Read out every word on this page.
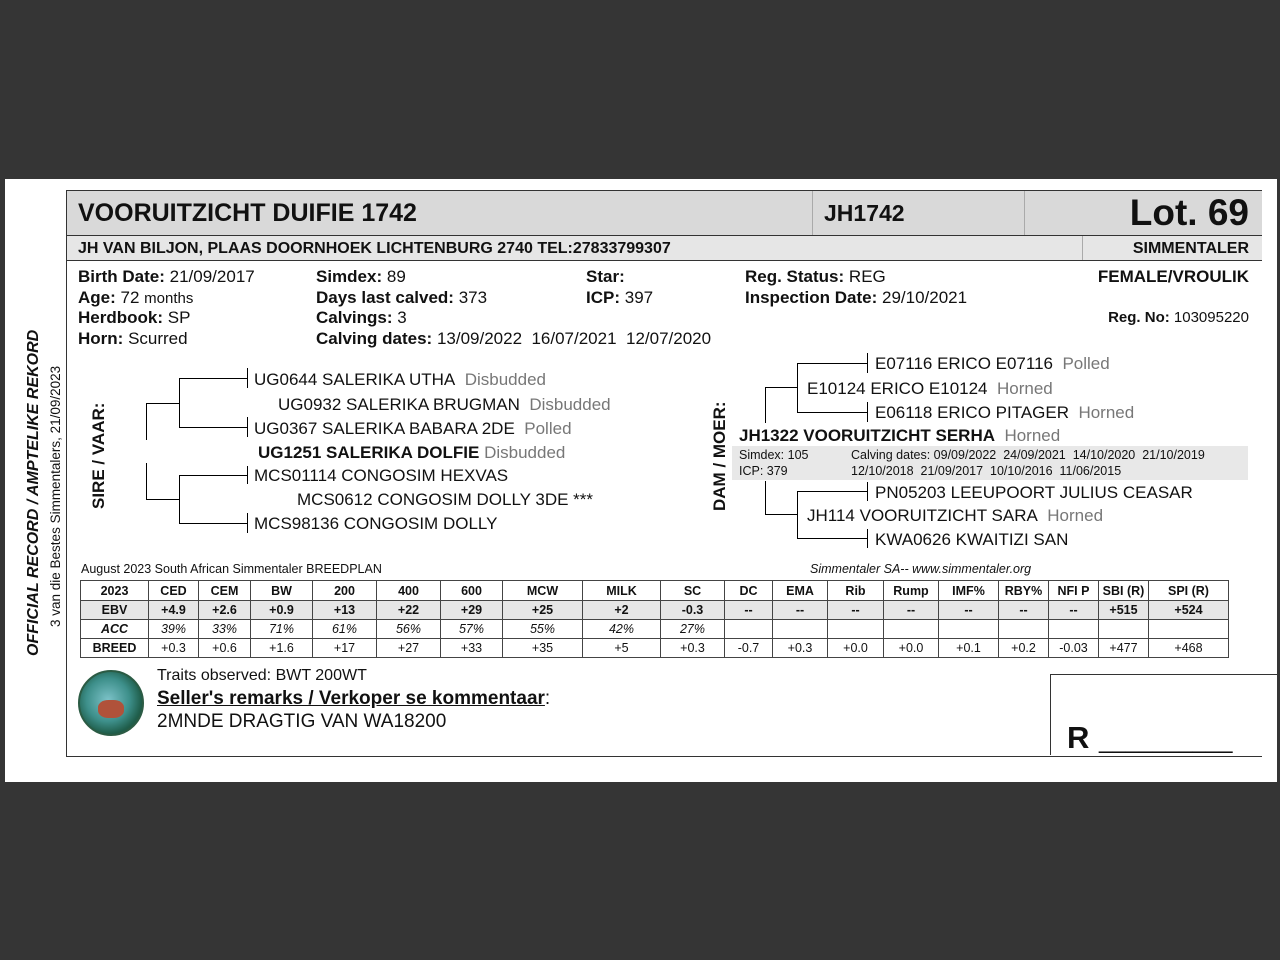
OFFICIAL RECORD / AMPTELIKE REKORD 3 van die Bestes Simmentalers, 21/09/2023
VOORUITZICHT DUIFIE 1742	JH1742	Lot. 69
JH VAN BILJON, PLAAS DOORNHOEK LICHTENBURG 2740 TEL:27833799307	SIMMENTALER
Birth Date: 21/09/2017
Age: 72 months
Herdbook: SP
Horn: Scurred
Simdex: 89
Days last calved: 373
Calvings: 3
Calving dates: 13/09/2022  16/07/2021  12/07/2020
Star:
ICP: 397
Reg. Status: REG
Inspection Date: 29/10/2021
FEMALE/VROULIK
Reg. No: 103095220
SIRE / VAAR:
UG0644 SALERIKA UTHA Disbudded
UG0932 SALERIKA BRUGMAN Disbudded
UG0367 SALERIKA BABARA 2DE Polled
UG1251 SALERIKA DOLFIE Disbudded
MCS01114 CONGOSIM HEXVAS
MCS0612 CONGOSIM DOLLY 3DE ***
MCS98136 CONGOSIM DOLLY
DAM / MOER:
E07116 ERICO E07116 Polled
E10124 ERICO E10124 Horned
E06118 ERICO PITAGER Horned
JH1322 VOORUITZICHT SERHA Horned
Simdex: 105
ICP: 379
Calving dates: 09/09/2022  24/09/2021  14/10/2020  21/10/2019
12/10/2018  21/09/2017  10/10/2016  11/06/2015
PN05203 LEEUPOORT JULIUS CEASAR
JH114 VOORUITZICHT SARA Horned
KWA0626 KWAITIZI SAN
August 2023 South African Simmentaler BREEDPLAN	Simmentaler SA-- www.simmentaler.org
2023	CED	CEM	BW	200	400	600	MCW	MILK	SC	DC	EMA	Rib	Rump	IMF%	RBY%	NFI P	SBI (R)	SPI (R)
EBV	+4.9	+2.6	+0.9	+13	+22	+29	+25	+2	-0.3	--	--	--	--	--	--	--	+515	+524
ACC	39%	33%	71%	61%	56%	57%	55%	42%	27%									
BREED	+0.3	+0.6	+1.6	+17	+27	+33	+35	+5	+0.3	-0.7	+0.3	+0.0	+0.0	+0.1	+0.2	-0.03	+477	+468
Traits observed: BWT 200WT
Seller's remarks / Verkoper se kommentaar:
2MNDE DRAGTIG VAN WA18200	R __________
